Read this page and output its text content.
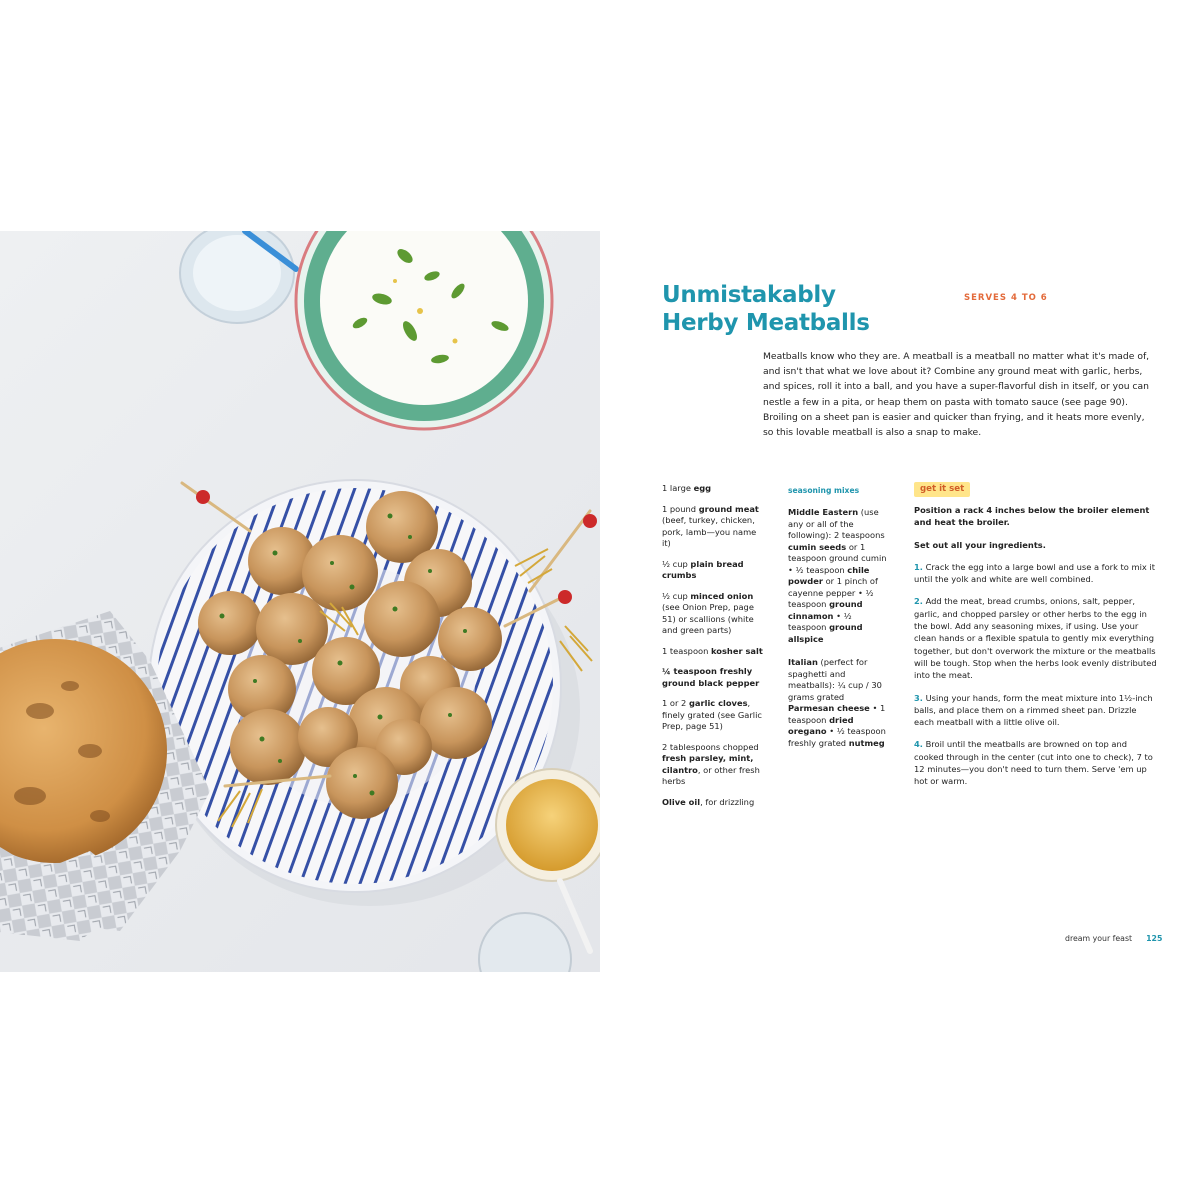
Unmistakably
Herby Meatballs
SERVES 4 TO 6

Meatballs know who they are. A meatball is a meatball no matter what it's made of, and isn't that what we love about it? Combine any ground meat with garlic, herbs, and spices, roll it into a ball, and you have a super-flavorful dish in itself, or you can nestle a few in a pita, or heap them on pasta with tomato sauce (see page 90). Broiling on a sheet pan is easier and quicker than frying, and it heats more evenly, so this lovable meatball is also a snap to make.

1 large egg

1 pound ground meat (beef, turkey, chicken, pork, lamb—you name it)

½ cup plain bread crumbs

½ cup minced onion (see Onion Prep, page 51) or scallions (white and green parts)

1 teaspoon kosher salt

¼ teaspoon freshly ground black pepper

1 or 2 garlic cloves, finely grated (see Garlic Prep, page 51)

2 tablespoons chopped fresh parsley, mint, cilantro, or other fresh herbs

Olive oil, for drizzling

seasoning mixes

Middle Eastern (use any or all of the following): 2 teaspoons cumin seeds or 1 teaspoon ground cumin • ½ teaspoon chile powder or 1 pinch of cayenne pepper • ½ teaspoon ground cinnamon • ½ teaspoon ground allspice

Italian (perfect for spaghetti and meatballs): ¼ cup / 30 grams grated Parmesan cheese • 1 teaspoon dried oregano • ½ teaspoon freshly grated nutmeg

get it set

Position a rack 4 inches below the broiler element and heat the broiler.

Set out all your ingredients.

1. Crack the egg into a large bowl and use a fork to mix it until the yolk and white are well combined.

2. Add the meat, bread crumbs, onions, salt, pepper, garlic, and chopped parsley or other herbs to the egg in the bowl. Add any seasoning mixes, if using. Use your clean hands or a flexible spatula to gently mix everything together, but don't overwork the mixture or the meatballs will be tough. Stop when the herbs look evenly distributed into the meat.

3. Using your hands, form the meat mixture into 1½-inch balls, and place them on a rimmed sheet pan. Drizzle each meatball with a little olive oil.

4. Broil until the meatballs are browned on top and cooked through in the center (cut into one to check), 7 to 12 minutes—you don't need to turn them. Serve 'em up hot or warm.

dream your feast 125
